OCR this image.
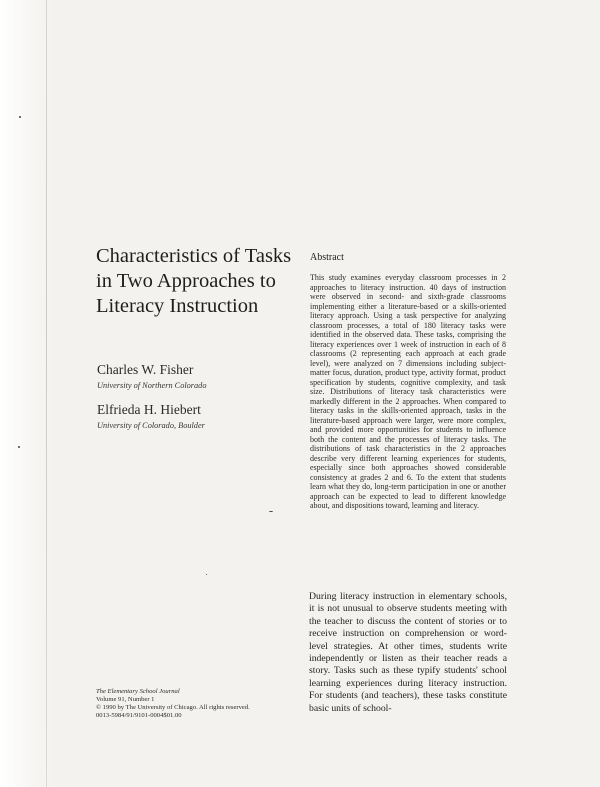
Characteristics of Tasks in Two Approaches to Literacy Instruction
Charles W. Fisher
University of Northern Colorado
Elfrieda H. Hiebert
University of Colorado, Boulder
The Elementary School Journal
Volume 91, Number 1
© 1990 by The University of Chicago. All rights reserved.
0013-5984/91/9101-0004$01.00
Abstract
This study examines everyday classroom processes in 2 approaches to literacy instruction. 40 days of instruction were observed in second- and sixth-grade classrooms implementing either a literature-based or a skills-oriented literacy approach. Using a task perspective for analyzing classroom processes, a total of 180 literacy tasks were identified in the observed data. These tasks, comprising the literacy experiences over 1 week of instruction in each of 8 classrooms (2 representing each approach at each grade level), were analyzed on 7 dimensions including subject-matter focus, duration, product type, activity format, product specification by students, cognitive complexity, and task size. Distributions of literacy task characteristics were markedly different in the 2 approaches. When compared to literacy tasks in the skills-oriented approach, tasks in the literature-based approach were larger, were more complex, and provided more opportunities for students to influence both the content and the processes of literacy tasks. The distributions of task characteristics in the 2 approaches describe very different learning experiences for students, especially since both approaches showed considerable consistency at grades 2 and 6. To the extent that students learn what they do, long-term participation in one or another approach can be expected to lead to different knowledge about, and dispositions toward, learning and literacy.
During literacy instruction in elementary schools, it is not unusual to observe students meeting with the teacher to discuss the content of stories or to receive instruction on comprehension or word-level strategies. At other times, students write independently or listen as their teacher reads a story. Tasks such as these typify students' school learning experiences during literacy instruction. For students (and teachers), these tasks constitute basic units of school-
